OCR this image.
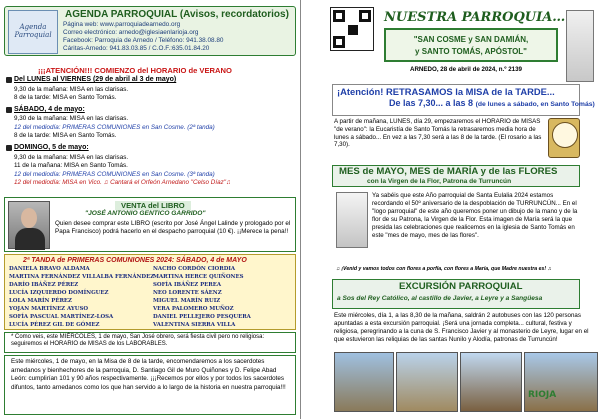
Agenda
Parroquial
AGENDA PARROQUIAL (Avisos, recordatorios)
Página web: www.parroquiadearnedo.org
Correo electrónico: arnedo@iglesiaenlarioja.org
Facebook: Parroquia de Arnedo / Teléfono: 941.38.08.80
Cáritas-Arnedo: 941.83.03.85 / C.O.F.:635.01.84.20
¡¡¡ATENCIÓN!!! COMIENZO del HORARIO de VERANO
Del LUNES al VIERNES (29 de abril al 3 de mayo)
9,30 de la mañana: MISA en las clarisas.
8 de la tarde: MISA en Santo Tomás.
SÁBADO, 4 de mayo:
9,30 de la mañana: MISA en las clarisas.
12 del mediodía: PRIMERAS COMUNIONES en San Cosme. (2ª tanda)
8 de la tarde: MISA en Santo Tomás.
DOMINGO, 5 de mayo:
9,30 de la mañana: MISA en las clarisas.
11 de la mañana: MISA en Santo Tomás.
12 del mediodía: PRIMERAS COMUNIONES en San Cosme. (3ª tanda)
12 del mediodía: MISA en Vico. ♫ Cantará el Orfeón Arnedano "Celso Díaz"♫
VENTA del LIBRO
"JOSÉ ANTONIO GENTICO GARRIDO"
Quien desee comprar este LIBRO (escrito por José Ángel Lalinde y prologado por el Papa Francisco) podrá hacerlo en el despacho parroquial (10 €). ¡¡Merece la pena!!
2ª TANDA de PRIMERAS COMUNIONES 2024: SÁBADO, 4 de MAYO
DANIELA BRAVO ALDAMA
MARTINA FERNÁNDEZ VILLALBA FERNÁNDEZ
DARÍO IBÁÑEZ PÉREZ
LUCÍA IZQUIERDO DOMÍNGUEZ
LOLA MARÍN PÉREZ
YOJAN MARTÍNEZ AYUSO
SOFÍA PASCUAL MARTÍNEZ-LOSA
LUCÍA PÉREZ GIL DE GÓMEZ
NACHO CORDÓN CIORDIA
MARTINA HERCE QUIÑONES
SOFÍA IBÁÑEZ PEREA
NEO LORENTE SÁENZ
MIGUEL MARÍN RUIZ
VERA PALOMERO MUÑOZ
DANIEL PELLEJERO PESQUERA
VALENTINA SIERRA VILLA
* Como veis, este MIÉRCOLES, 1 de mayo, San José obrero, será fiesta civil pero no religiosa: seguiremos el HORARIO de MISAS de los LABORABLES.
Este miércoles, 1 de mayo, en la Misa de 8 de la tarde, encomendaremos a los sacerdotes arnedanos y bienhechores de la parroquia, D. Santiago Gil de Muro Quiñones y D. Felipe Abad León: cumplirían 101 y 90 años respectivamente. ¡¡¡Recemos por ellos y por todos los sacerdotes difuntos, tanto arnedanos como los que han servido a lo largo de la historia en nuestra parroquia!!!
NUESTRA PARROQUIA…
"SAN COSME y SAN DAMIÁN,
y SANTO TOMÁS, APÓSTOL"
ARNEDO, 28 de abril de 2024, n.º 2139
¡Atención! RETRASAMOS la MISA de la TARDE...
De las 7,30... a las 8 (de lunes a sábado, en Santo Tomás)
A partir de mañana, LUNES, día 29, empezaremos el HORARIO de MISAS "de verano": la Eucaristía de Santo Tomás la retrasaremos media hora de lunes a sábado... En vez a las 7,30 será a las 8 de la tarde. (El rosario a las 7,30).
MES de MAYO, MES de MARÍA y de las FLORES
con la Virgen de la Flor, Patrona de Turruncún
Ya sabéis que este Año parroquial de Santa Eulalia 2024 estamos recordando el 50º aniversario de la despoblación de TURRUNCÚN... En el "logo parroquial" de este año queremos poner un dibujo de la mano y de la flor de su Patrona, la Virgen de la Flor. Esta imagen de María será la que presida las celebraciones que realicemos en la iglesia de Santo Tomás en este "mes de mayo, mes de las flores".
♫ ¡Venid y vamos todos con flores a porfía, con flores a María, que Madre nuestra es! ♫
EXCURSIÓN PARROQUIAL
a Sos del Rey Católico, al castillo de Javier, a Leyre y a Sangüesa
Este miércoles, día 1, a las 8,30 de la mañana, saldrán 2 autobuses con las 120 personas apuntadas a esta excursión parroquial. ¡Será una jornada completa... cultural, festiva y religiosa, peregrinando a la cuna de S. Francisco Javier y al monasterio de Leyre, lugar en el que estuvieron las reliquias de las santas Nunilo y Alodía, patronas de Turruncún!
RIOJA
